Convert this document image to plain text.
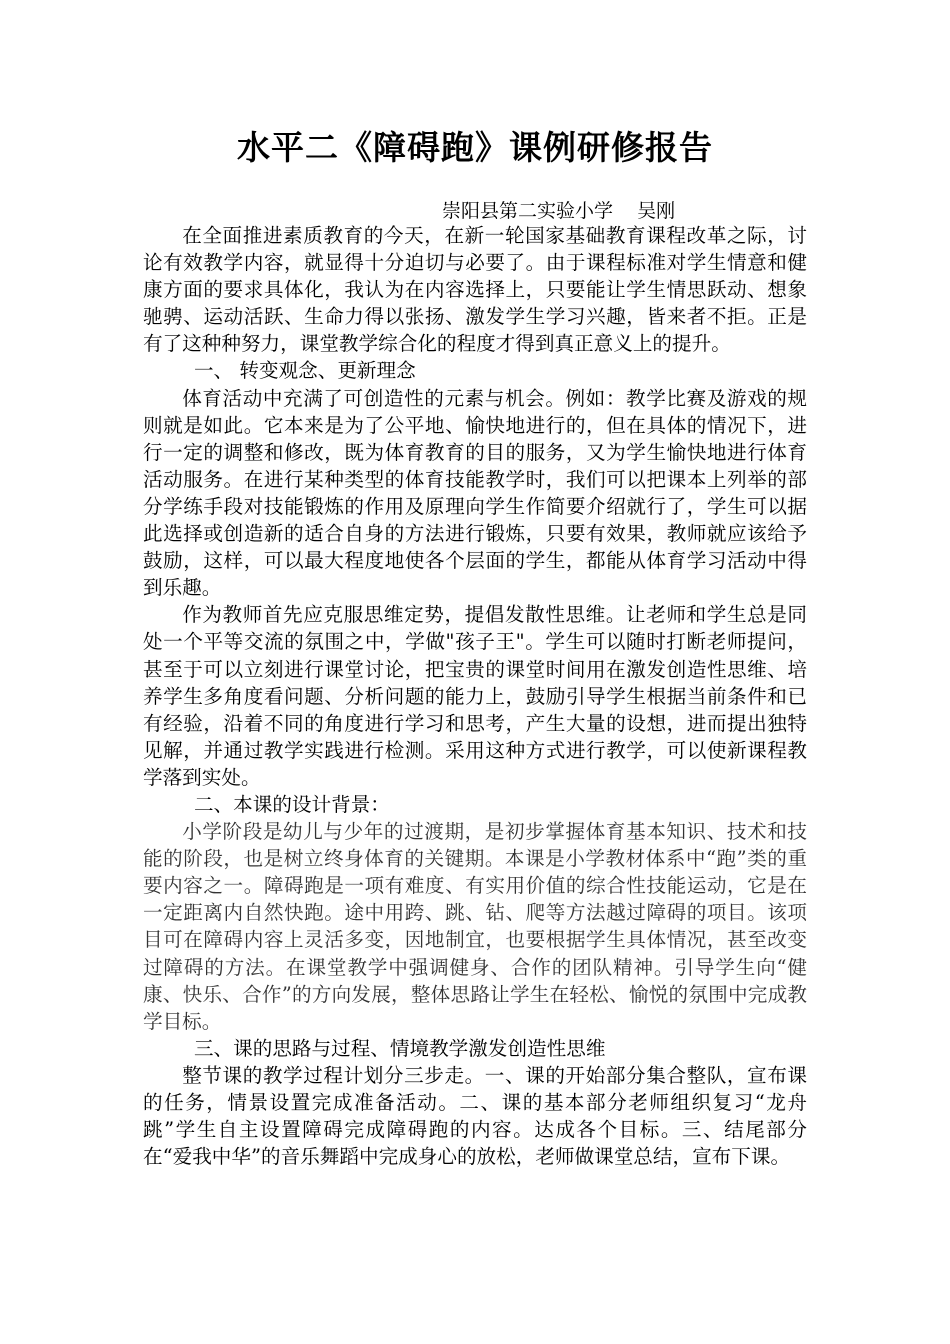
水平二《障碍跑》课例研修报告
崇阳县第二实验小学    吴刚

在全面推进素质教育的今天，在新一轮国家基础教育课程改革之际，讨论有效教学内容，就显得十分迫切与必要了。由于课程标准对学生情意和健康方面的要求具体化，我认为在内容选择上，只要能让学生情思跃动、想象驰骋、运动活跃、生命力得以张扬、激发学生学习兴趣，皆来者不拒。正是有了这种种努力，课堂教学综合化的程度才得到真正意义上的提升。

一、 转变观念、更新理念

体育活动中充满了可创造性的元素与机会。例如：教学比赛及游戏的规则就是如此。它本来是为了公平地、愉快地进行的，但在具体的情况下，进行一定的调整和修改，既为体育教育的目的服务，又为学生愉快地进行体育活动服务。在进行某种类型的体育技能教学时，我们可以把课本上列举的部分学练手段对技能锻炼的作用及原理向学生作简要介绍就行了，学生可以据此选择或创造新的适合自身的方法进行锻炼，只要有效果，教师就应该给予鼓励，这样，可以最大程度地使各个层面的学生，都能从体育学习活动中得到乐趣。

作为教师首先应克服思维定势，提倡发散性思维。让老师和学生总是同处一个平等交流的氛围之中，学做"孩子王"。学生可以随时打断老师提问，甚至于可以立刻进行课堂讨论，把宝贵的课堂时间用在激发创造性思维、培养学生多角度看问题、分析问题的能力上，鼓励引导学生根据当前条件和已有经验，沿着不同的角度进行学习和思考，产生大量的设想，进而提出独特见解，并通过教学实践进行检测。采用这种方式进行教学，可以使新课程教学落到实处。

二、本课的设计背景：

小学阶段是幼儿与少年的过渡期，是初步掌握体育基本知识、技术和技能的阶段，也是树立终身体育的关键期。本课是小学教材体系中“跑”类的重要内容之一。障碍跑是一项有难度、有实用价值的综合性技能运动，它是在一定距离内自然快跑。途中用跨、跳、钻、爬等方法越过障碍的项目。该项目可在障碍内容上灵活多变，因地制宜，也要根据学生具体情况，甚至改变过障碍的方法。在课堂教学中强调健身、合作的团队精神。引导学生向“健康、快乐、合作”的方向发展，整体思路让学生在轻松、愉悦的氛围中完成教学目标。

三、课的思路与过程、情境教学激发创造性思维

整节课的教学过程计划分三步走。一、课的开始部分集合整队，宣布课的任务，情景设置完成准备活动。二、课的基本部分老师组织复习“龙舟跳”学生自主设置障碍完成障碍跑的内容。达成各个目标。三、结尾部分在“爱我中华”的音乐舞蹈中完成身心的放松，老师做课堂总结，宣布下课。
